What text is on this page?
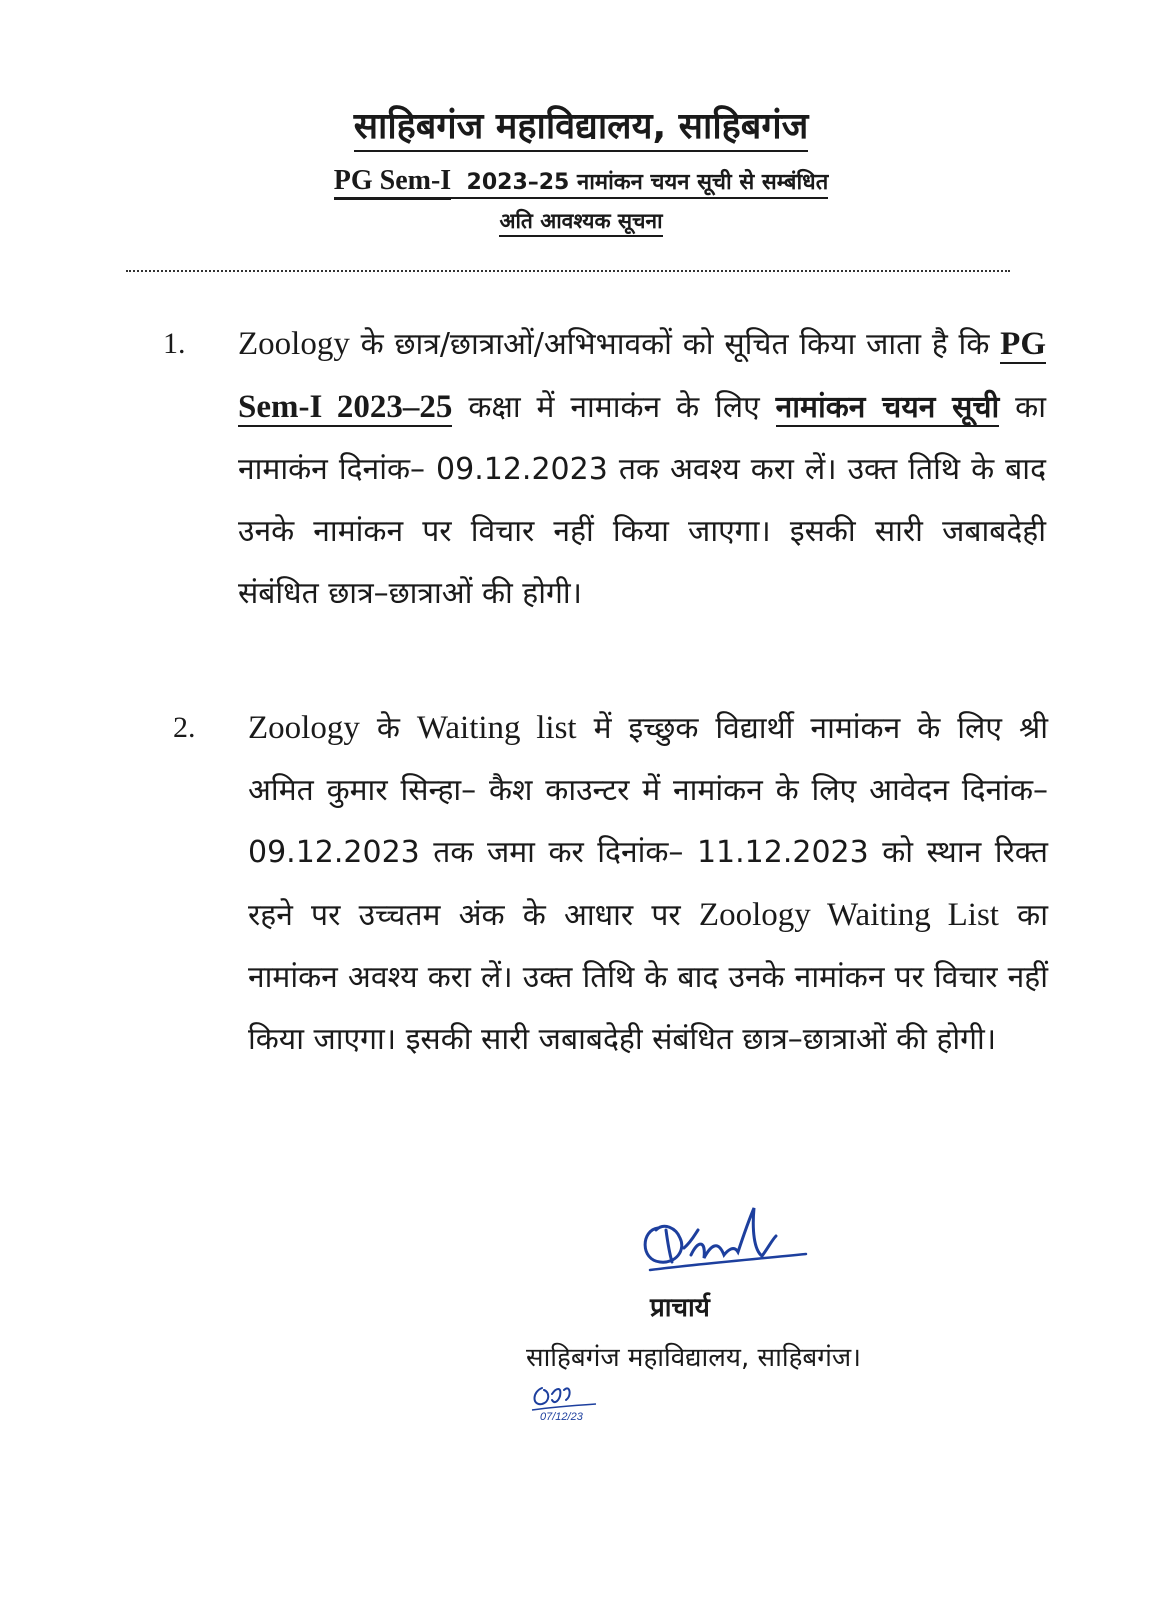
साहिबगंज महाविद्यालय, साहिबगंज
PG Sem-I 2023–25 नामांकन चयन सूची से सम्बंधित
अति आवश्यक सूचना
1. Zoology के छात्र/छात्राओं/अभिभावकों को सूचित किया जाता है कि PG Sem-I 2023–25 कक्षा में नामाकंन के लिए नामांकन चयन सूची का नामाकंन दिनांक– 09.12.2023 तक अवश्य करा लें। उक्त तिथि के बाद उनके नामांकन पर विचार नहीं किया जाएगा। इसकी सारी जबाबदेही संबंधित छात्र–छात्राओं की होगी।

2. Zoology के Waiting list में इच्छुक विद्यार्थी नामांकन के लिए श्री अमित कुमार सिन्हा– कैश काउन्टर में नामांकन के लिए आवेदन दिनांक– 09.12.2023 तक जमा कर दिनांक– 11.12.2023 को स्थान रिक्त रहने पर उच्चतम अंक के आधार पर Zoology Waiting List का नामांकन अवश्य करा लें। उक्त तिथि के बाद उनके नामांकन पर विचार नहीं किया जाएगा। इसकी सारी जबाबदेही संबंधित छात्र–छात्राओं की होगी।

प्राचार्य
साहिबगंज महाविद्यालय, साहिबगंज।
07/12/23
